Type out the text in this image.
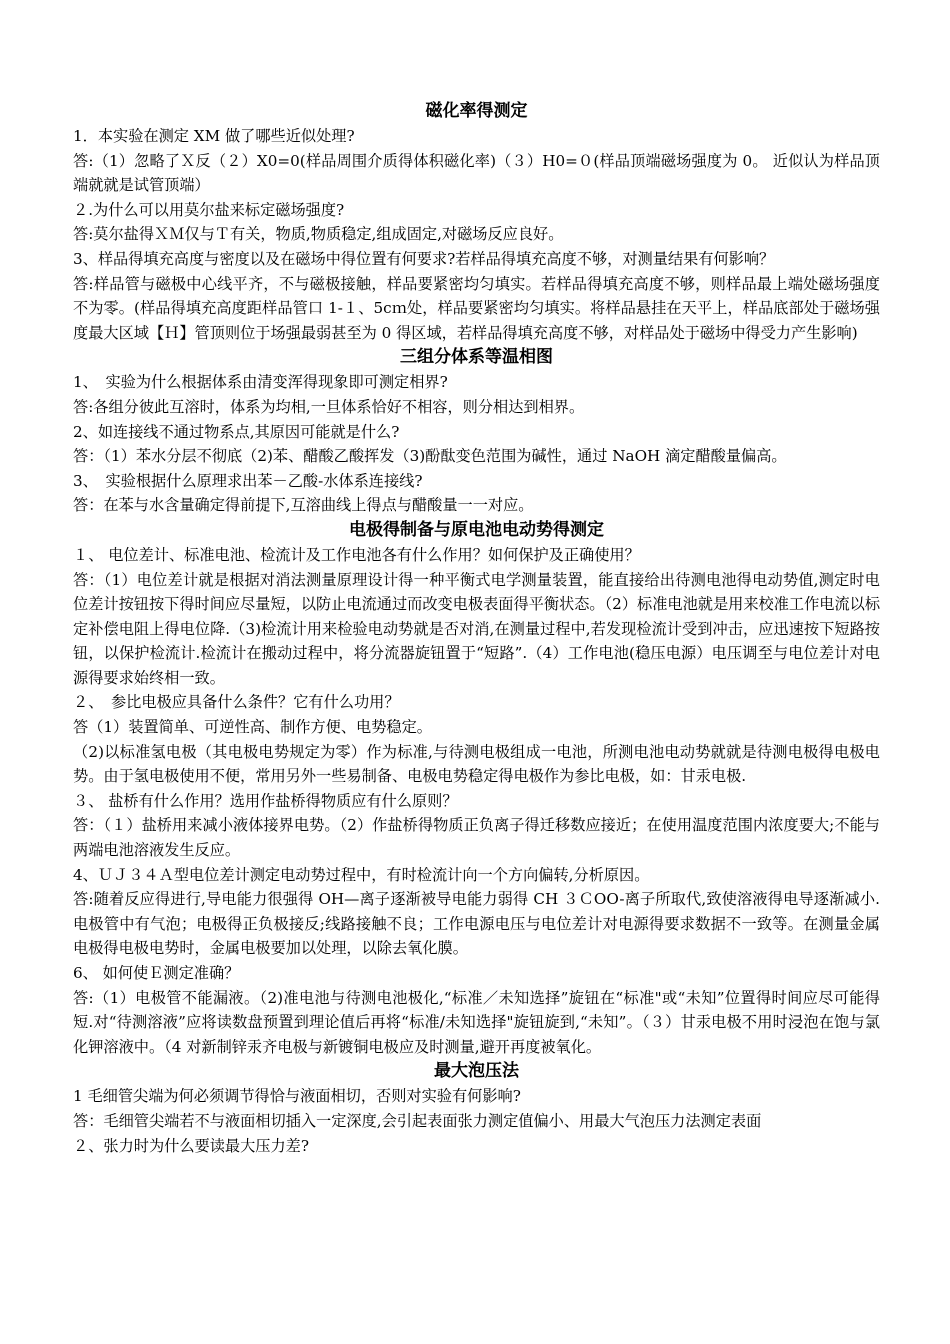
磁化率得测定

1．本实验在测定 XM 做了哪些近似处理?

答:（1）忽略了Ｘ反（２）X0=0(样品周围介质得体积磁化率)（３）H0=０(样品顶端磁场强度为 0。 近似认为样品顶端就就是试管顶端）

２.为什么可以用莫尔盐来标定磁场强度?

答:莫尔盐得ＸＭ仅与Ｔ有关，物质,物质稳定,组成固定,对磁场反应良好。

3、样品得填充高度与密度以及在磁场中得位置有何要求?若样品得填充高度不够，对测量结果有何影响？

答:样品管与磁极中心线平齐，不与磁极接触，样品要紧密均匀填实。若样品得填充高度不够，则样品最上端处磁场强度不为零。(样品得填充高度距样品管口 1-１、5cｍ处，样品要紧密均匀填实。将样品悬挂在天平上，样品底部处于磁场强度最大区域【Ｈ】管顶则位于场强最弱甚至为 0 得区域，若样品得填充高度不够，对样品处于磁场中得受力产生影响)

三组分体系等温相图

1、　实验为什么根据体系由清变浑得现象即可测定相界?

答:各组分彼此互溶时，体系为均相,一旦体系恰好不相容，则分相达到相界。

2、如连接线不通过物系点,其原因可能就是什么?

答：（1）苯水分层不彻底（2)苯、醋酸乙酸挥发（3)酚酞变色范围为碱性，通过 NaOH 滴定醋酸量偏高。

3、　实验根据什么原理求出苯－乙酸-水体系连接线?

答：在苯与水含量确定得前提下,互溶曲线上得点与醋酸量一一对应。

电极得制备与原电池电动势得测定

１、 电位差计、标准电池、检流计及工作电池各有什么作用？如何保护及正确使用？

答：（1）电位差计就是根据对消法测量原理设计得一种平衡式电学测量装置，能直接给出待测电池得电动势值,测定时电位差计按钮按下得时间应尽量短，以防止电流通过而改变电极表面得平衡状态。（2）标准电池就是用来校准工作电流以标定补偿电阻上得电位降.（3)检流计用来检验电动势就是否对消,在测量过程中,若发现检流计受到冲击，应迅速按下短路按钮，以保护检流计.检流计在搬动过程中，将分流器旋钮置于“短路”.（4）工作电池(稳压电源）电压调至与电位差计对电源得要求始终相一致。

２、　参比电极应具备什么条件？它有什么功用？

答（1）装置简单、可逆性高、制作方便、电势稳定。

（2)以标准氢电极（其电极电势规定为零）作为标准,与待测电极组成一电池，所测电池电动势就就是待测电极得电极电势。由于氢电极使用不便，常用另外一些易制备、电极电势稳定得电极作为参比电极，如：甘汞电极.

３、 盐桥有什么作用？选用作盐桥得物质应有什么原则？

答：（１）盐桥用来减小液体接界电势。（2）作盐桥得物质正负离子得迁移数应接近；在使用温度范围内浓度要大;不能与两端电池溶液发生反应。

4、ＵＪ３４Ａ型电位差计测定电动势过程中，有时检流计向一个方向偏转,分析原因。

答:随着反应得进行,导电能力很强得 OH—离子逐渐被导电能力弱得 CH ３ＣOO-离子所取代,致使溶液得电导逐渐减小.电极管中有气泡；电极得正负极接反;线路接触不良；工作电源电压与电位差计对电源得要求数据不一致等。在测量金属电极得电极电势时，金属电极要加以处理，以除去氧化膜。

6、 如何使Ｅ测定准确？

答:（1）电极管不能漏液。（2)准电池与待测电池极化,“标准／未知选择”旋钮在“标准"或“未知”位置得时间应尽可能得短.对“待测溶液”应将读数盘预置到理论值后再将“标准/未知选择"旋钮旋到,“未知”。（３）甘汞电极不用时浸泡在饱与氯化钾溶液中。（4 对新制锌汞齐电极与新镀铜电极应及时测量,避开再度被氧化。

最大泡压法

1 毛细管尖端为何必须调节得恰与液面相切，否则对实验有何影响?

答：毛细管尖端若不与液面相切插入一定深度,会引起表面张力测定值偏小、用最大气泡压力法测定表面

２、张力时为什么要读最大压力差?
